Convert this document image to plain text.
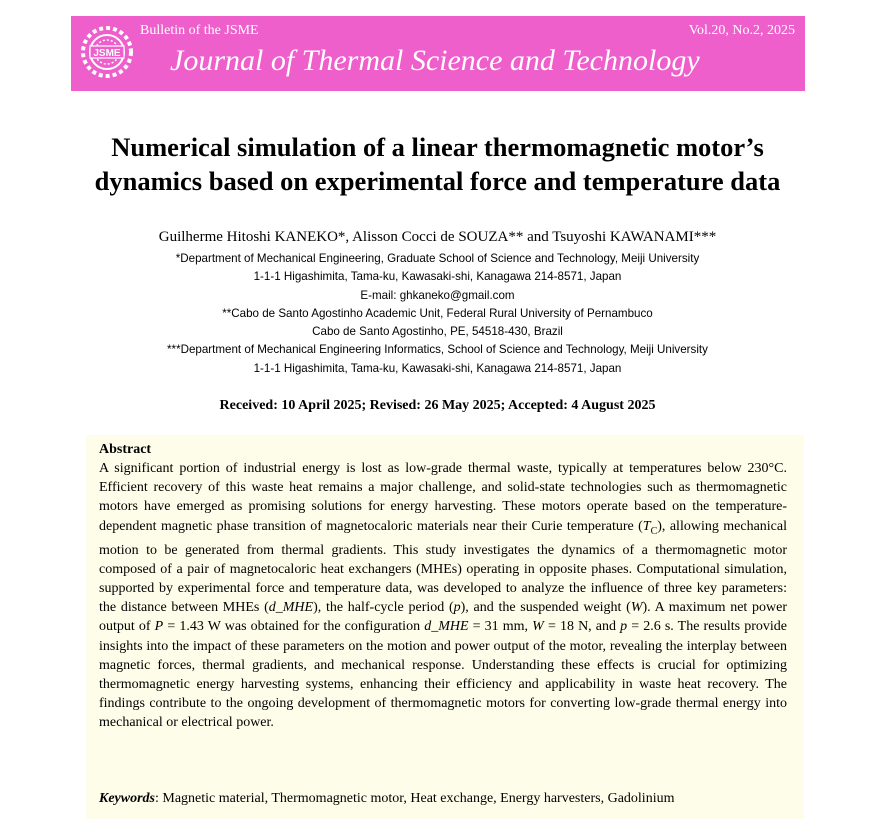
JSME
Bulletin of the JSME	Vol.20, No.2, 2025
Journal of Thermal Science and Technology
Numerical simulation of a linear thermomagnetic motor’s
dynamics based on experimental force and temperature data
Guilherme Hitoshi KANEKO*, Alisson Cocci de SOUZA** and Tsuyoshi KAWANAMI***
*Department of Mechanical Engineering, Graduate School of Science and Technology, Meiji University
1-1-1 Higashimita, Tama-ku, Kawasaki-shi, Kanagawa 214-8571, Japan
E-mail: ghkaneko@gmail.com
**Cabo de Santo Agostinho Academic Unit, Federal Rural University of Pernambuco
Cabo de Santo Agostinho, PE, 54518-430, Brazil
***Department of Mechanical Engineering Informatics, School of Science and Technology, Meiji University
1-1-1 Higashimita, Tama-ku, Kawasaki-shi, Kanagawa 214-8571, Japan
Received: 10 April 2025; Revised: 26 May 2025; Accepted: 4 August 2025
Abstract
A significant portion of industrial energy is lost as low-grade thermal waste, typically at temperatures below 230°C. Efficient recovery of this waste heat remains a major challenge, and solid-state technologies such as thermomagnetic motors have emerged as promising solutions for energy harvesting. These motors operate based on the temperature-dependent magnetic phase transition of magnetocaloric materials near their Curie temperature $(T_C)$, allowing mechanical motion to be generated from thermal gradients. This study investigates the dynamics of a thermomagnetic motor composed of a pair of magnetocaloric heat exchangers (MHEs) operating in opposite phases. Computational simulation, supported by experimental force and temperature data, was developed to analyze the influence of three key parameters: the distance between MHEs (d_MHE), the half-cycle period (p), and the suspended weight (W). A maximum net power output of P = 1.43 W was obtained for the configuration d_MHE = 31 mm, W = 18 N, and p = 2.6 s. The results provide insights into the impact of these parameters on the motion and power output of the motor, revealing the interplay between magnetic forces, thermal gradients, and mechanical response. Understanding these effects is crucial for optimizing thermomagnetic energy harvesting systems, enhancing their efficiency and applicability in waste heat recovery. The findings contribute to the ongoing development of thermomagnetic motors for converting low-grade thermal energy into mechanical or electrical power.
Keywords: Magnetic material, Thermomagnetic motor, Heat exchange, Energy harvesters, Gadolinium
